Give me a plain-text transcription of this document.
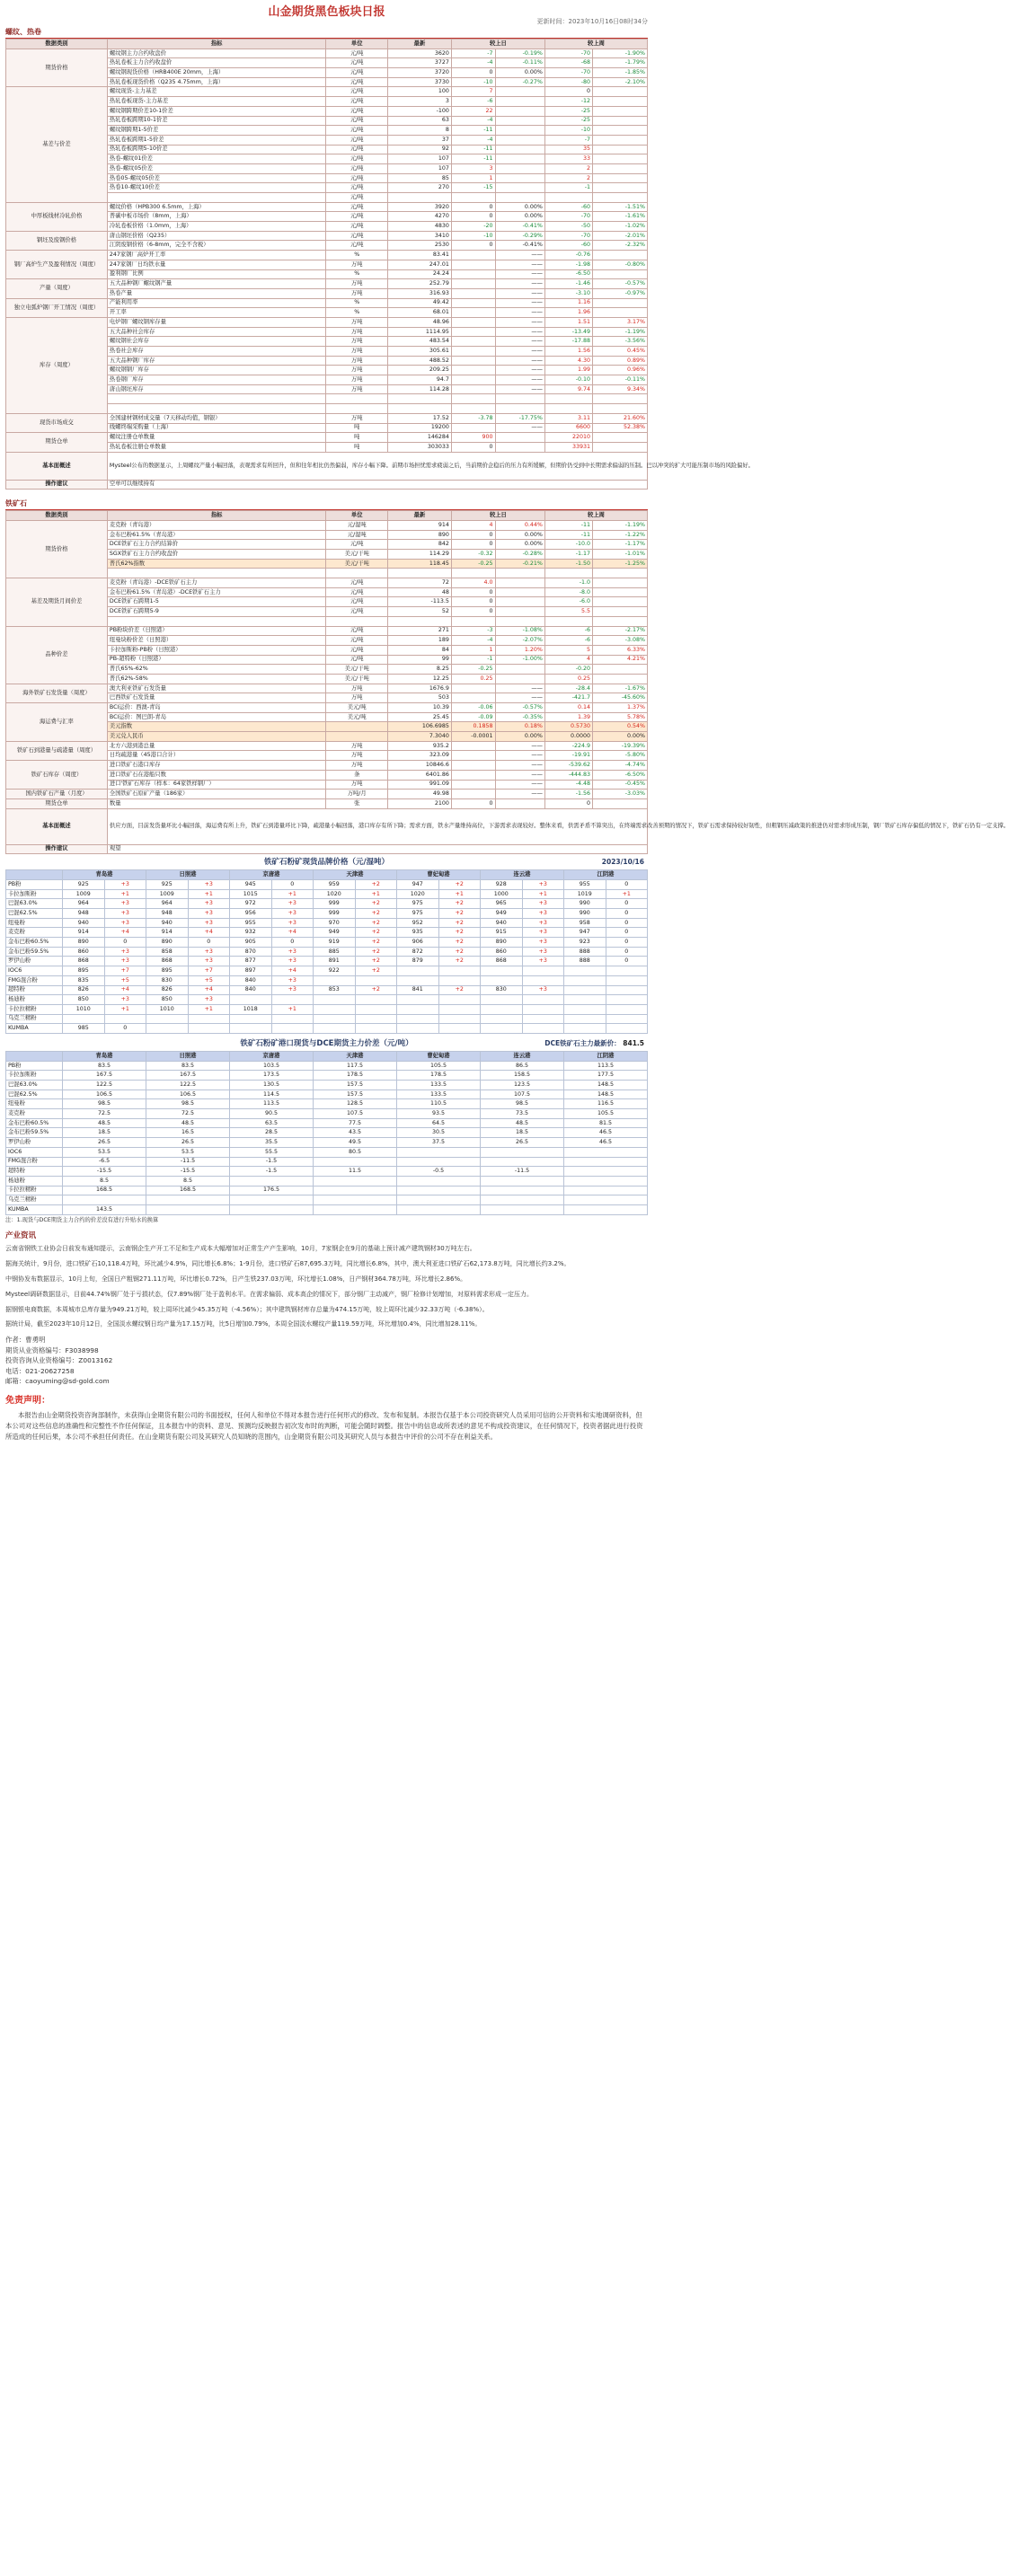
山金期货黑色板块日报
更新时间：2023年10月16日08时34分
螺纹、热卷
数据类别	指标	单位	最新	较上日		较上周	
期货价格	螺纹钢主力合约收盘价	元/吨	3620	-7	-0.19%	-70	-1.90%
	热轧卷板主力合约收盘价	元/吨	3727	-4	-0.11%	-68	-1.79%
	螺纹钢现货价格（HRB400E 20mm，上海）	元/吨	3720	0	0.00%	-70	-1.85%
	热轧卷板现货价格（Q235 4.75mm，上海）	元/吨	3730	-10	-0.27%	-80	-2.10%
基差与价差	螺纹现货-主力基差	元/吨	100	7		0	
	热轧卷板现货-主力基差	元/吨	3	-6		-12	
	螺纹钢跨期价差10-1价差	元/吨	-100	22		-25	
	热轧卷板跨期10-1价差	元/吨	63	-4		-25	
	螺纹钢跨期1-5价差	元/吨	8	-11		-10	
	热轧卷板跨期1-5价差	元/吨	37	-4		-7	
	热轧卷板跨期5-10价差	元/吨	92	-11		35	
	热卷-螺纹01价差	元/吨	107	-11		33	
	热卷-螺纹05价差	元/吨	107	3		2	
	热卷05-螺纹05价差	元/吨	85	1		2	
	热卷10-螺纹10价差	元/吨	270	-15		-1	
		元/吨					
中厚板线材冷轧价格	螺纹价格（HPB300 6.5mm，上海）	元/吨	3920	0	0.00%	-60	-1.51%
	普碳中板市场价（8mm，上海）	元/吨	4270	0	0.00%	-70	-1.61%
	冷轧卷板价格（1.0mm，上海）	元/吨	4830	-20	-0.41%	-50	-1.02%
钢坯及废钢价格	唐山钢坯价格（Q235）	元/吨	3410	-10	-0.29%	-70	-2.01%
	江阴废钢价格（6-8mm，完全不含税）	元/吨	2530	0	-0.41%	-60	-2.32%
钢厂高炉生产及盈利情况（周度）	247家钢厂高炉开工率	%	83.41		——	-0.76	
	247家钢厂日均铁水量	万吨	247.01		——	-1.98	-0.80%
	盈利钢厂比例	%	24.24		——	-6.50	
产量（周度）	五大品种钢厂螺纹钢产量	万吨	252.79		——	-1.46	-0.57%
	热卷产量	万吨	316.93		——	-3.10	-0.97%
独立电弧炉钢厂开工情况（周度）	产能利用率	%	49.42		——	1.16	
	开工率	%	68.01		——	1.96	
库存（周度）	电炉钢厂螺纹钢库存量	万吨	48.96		——	1.51	3.17%
	五大品种社会库存	万吨	1114.95		——	-13.49	-1.19%
	螺纹钢社会库存	万吨	483.54		——	-17.88	-3.56%
	热卷社会库存	万吨	305.61		——	1.56	0.45%
	五大品种钢厂库存	万吨	488.52		——	4.30	0.89%
	螺纹钢钢厂库存	万吨	209.25		——	1.99	0.96%
	热卷钢厂库存	万吨	94.7		——	-0.10	-0.11%
	唐山钢坯库存	万吨	114.28		——	9.74	9.34%

现货市场成交	全国建材钢材成交量（7天移动均值，钢银）	万吨	17.52	-3.78	-17.75%	3.11	21.60%
	线螺终端采购量（上海）	吨	19200		——	6600	52.38%
期货仓单	螺纹注册仓单数量	吨	146284	900		22010	
	热轧卷板注册仓单数量	吨	303033	0		33931	
基本面概述	Mysteel公布的数据显示，上周螺纹产量小幅回落，表观需求有所回升，但和往年相比仍然偏弱，库存小幅下降。前期市场担忧需求疲弱之后，当前期价企稳后的压力有所缓解，但期价仍受到中长期需求偏弱的压制。巴以冲突的扩大可能压制市场的风险偏好。						
操作建议	空单可以继续持有						
铁矿石
数据类别	指标	单位	最新	较上日		较上周	
期货价格	麦克粉（青岛港）	元/湿吨	914	4	0.44%	-11	-1.19%
	金布巴粉61.5%（青岛港）	元/湿吨	890	0	0.00%	-11	-1.22%
	DCE铁矿石主力合约结算价	元/吨	842	0	0.00%	-10.0	-1.17%
	SGX铁矿石主力合约收盘价	美元/干吨	114.29	-0.32	-0.28%	-1.17	-1.01%
	普氏62%指数	美元/干吨	118.45	-0.25	-0.21%	-1.50	-1.25%

基差及期货月间价差	麦克粉（青岛港）-DCE铁矿石主力	元/吨	72	4.0		-1.0	
	金布巴粉61.5%（青岛港）-DCE铁矿石主力	元/吨	48	0		-8.0	
	DCE铁矿石跨期1-5	元/吨	-113.5	0		-6.0	
	DCE铁矿石跨期5-9	元/吨	52	0		5.5	

品种价差	PB粉块价差（日照港）	元/吨	271	-3	-1.08%	-6	-2.17%
	纽曼块粉价差（日照港）	元/吨	189	-4	-2.07%	-6	-3.08%
	卡拉加斯粉-PB粉（日照港）	元/吨	84	1	1.20%	5	6.33%
	PB-超特粉（日照港）	元/吨	99	-1	-1.00%	4	4.21%
	普氏65%-62%	美元/干吨	8.25	-0.25		-0.20	
	普氏62%-58%	美元/干吨	12.25	0.25		0.25	
海外铁矿石发货量（周度）	澳大利亚铁矿石发货量	万吨	1676.9		——	-28.4	-1.67%
	巴西铁矿石发货量	万吨	503		——	-421.7	-45.60%
海运费与汇率	BCI运价：西澳-青岛	美元/吨	10.39	-0.06	-0.57%	0.14	1.37%
	BCI运价：图巴朗-青岛	美元/吨	25.45	-0.09	-0.35%	1.39	5.78%
	美元指数		106.6985	0.1858	0.18%	0.5730	0.54%
	美元兑人民币		7.3040	-0.0001	0.00%	0.0000	0.00%
铁矿石到港量与疏港量（周度）	北方六港到港总量	万吨	935.2		——	-224.9	-19.39%
	日均疏港量（45港口合计）	万吨	323.09		——	-19.91	-5.80%
铁矿石库存（周度）	进口铁矿石港口库存	万吨	10846.6		——	-539.62	-4.74%
	进口铁矿石在港船只数	条	6401.86		——	-444.83	-6.50%
	进口'铁矿石库存（样本：64家铁样钢厂）	万吨	991.09		——	-4.48	-0.45%
国内铁矿石产量（月度）	全国铁矿石原矿产量（186家）	万吨/月	49.98		——	-1.56	-3.03%
期货仓单	数量	张	2100	0		0	
基本面概述	供应方面，目前发货量环比小幅回落，海运费有所上升，铁矿石到港量环比下降，疏港量小幅回落，港口库存有所下降；需求方面，铁水产量维持高位，下游需求表现较好。整体来看，供需矛盾不算突出，在终端需求改善预期的情况下，铁矿石需求保持较好韧性，但粗钢压减政策的推进仍对需求形成压制，钢厂铁矿石库存偏低的情况下，铁矿石仍有一定支撑。						
操作建议	观望						
铁矿石粉矿现货品牌价格（元/湿吨）	2023/10/16
	青岛港		日照港		京唐港		天津港		曹妃甸港		连云港		江阴港	
PB粉	925	+3	925	+3	945	0	959	+2	947	+2	928	+3	955	0
卡拉加斯粉	1009	+1	1009	+1	1015	+1	1020	+1	1020	+1	1000	+1	1019	+1
巴混63.0%	964	+3	964	+3	972	+3	999	+2	975	+2	965	+3	990	0
巴混62.5%	948	+3	948	+3	956	+3	999	+2	975	+2	949	+3	990	0
纽曼粉	940	+3	940	+3	955	+3	970	+2	952	+2	940	+3	958	0
麦克粉	914	+4	914	+4	932	+4	949	+2	935	+2	915	+3	947	0
金布巴粉60.5%	890	0	890	0	905	0	919	+2	906	+2	890	+3	923	0
金布巴粉59.5%	860	+3	858	+3	870	+3	885	+2	872	+2	860	+3	888	0
罗伊山粉	868	+3	868	+3	877	+3	891	+2	879	+2	868	+3	888	0
IOC6	895	+7	895	+7	897	+4	922	+2						
FMG混合粉	835	+5	830	+5	840	+3								
超特粉	826	+4	826	+4	840	+3	853	+2	841	+2	830	+3		
杨迪粉	850	+3	850	+3										
卡拉拉精粉	1010	+1	1010	+1	1018	+1								
乌克兰精粉														
KUMBA	985	0												
铁矿石粉矿港口现货与DCE期货主力价差（元/吨）	DCE铁矿石主力最新价： 841.5
	青岛港	日照港	京唐港	天津港	曹妃甸港	连云港	江阴港
PB粉	83.5	83.5	103.5	117.5	105.5	86.5	113.5
卡拉加斯粉	167.5	167.5	173.5	178.5	178.5	158.5	177.5
巴混63.0%	122.5	122.5	130.5	157.5	133.5	123.5	148.5
巴混62.5%	106.5	106.5	114.5	157.5	133.5	107.5	148.5
纽曼粉	98.5	98.5	113.5	128.5	110.5	98.5	116.5
麦克粉	72.5	72.5	90.5	107.5	93.5	73.5	105.5
金布巴粉60.5%	48.5	48.5	63.5	77.5	64.5	48.5	81.5
金布巴粉59.5%	18.5	16.5	28.5	43.5	30.5	18.5	46.5
罗伊山粉	26.5	26.5	35.5	49.5	37.5	26.5	46.5
IOC6	53.5	53.5	55.5	80.5			
FMG混合粉	-6.5	-11.5	-1.5				
超特粉	-15.5	-15.5	-1.5	11.5	-0.5	-11.5	
杨迪粉	8.5	8.5					
卡拉拉精粉	168.5	168.5	176.5				
乌克兰精粉							
KUMBA	143.5						
注：1.现货与DCE期货主力合约的价差没有进行升贴水的换算
产业资讯

云南省钢铁工业协会日前发布通知提示，云南钢企生产开工不足和生产成本大幅增加对正常生产产生影响，10月，7家钢企在9月的基础上预计减产建筑钢材30万吨左右。

据海关统计，9月份，进口铁矿石10,118.4万吨，环比减少4.9%，同比增长6.8%；1-9月份，进口铁矿石87,695.3万吨，同比增长6.8%，其中，澳大利亚进口铁矿石62,173.8万吨，同比增长约3.2%。

中钢协发布数据显示，10月上旬，全国日产粗钢271.11万吨，环比增长0.72%，日产生铁237.03万吨，环比增长1.08%，日产钢材364.78万吨，环比增长2.86%。

Mysteel调研数据显示，目前44.74%钢厂处于亏损状态，仅7.89%钢厂处于盈利水平。在需求偏弱、成本高企的情况下，部分钢厂主动减产，钢厂检修计划增加，对原料需求形成一定压力。

据钢银电商数据，本周城市总库存量为949.21万吨，较上周环比减少45.35万吨（-4.56%）；其中建筑钢材库存总量为474.15万吨，较上周环比减少32.33万吨（-6.38%）。

据统计局，截至2023年10月12日，全国淡水螺纹钢日均产量为17.15万吨，比5日增加0.79%，本周全国淡水螺纹产量119.59万吨，环比增加0.4%，同比增加28.11%。

作者：曹勇明

期货从业资格编号：F3038998

投资咨询从业资格编号：Z0013162

电话：021-20627258

邮箱：caoyuming@sd-gold.com

免责声明：

本报告由山金期货投资咨询部制作，未获得山金期货有限公司的书面授权，任何人和单位不得对本报告进行任何形式的修改、发布和复制。本报告仅基于本公司投资研究人员采用可信的公开资料和实地调研资料，但本公司对这些信息的准确性和完整性不作任何保证，且本报告中的资料、意见、预测均反映报告初次发布时的判断，可能会随时调整。报告中的信息或所表述的意见不构成投资建议，在任何情况下，投资者据此进行投资所造成的任何后果，本公司不承担任何责任。在山金期货有限公司及其研究人员知晓的范围内，山金期货有限公司及其研究人员与本报告中评价的公司不存在利益关系。
